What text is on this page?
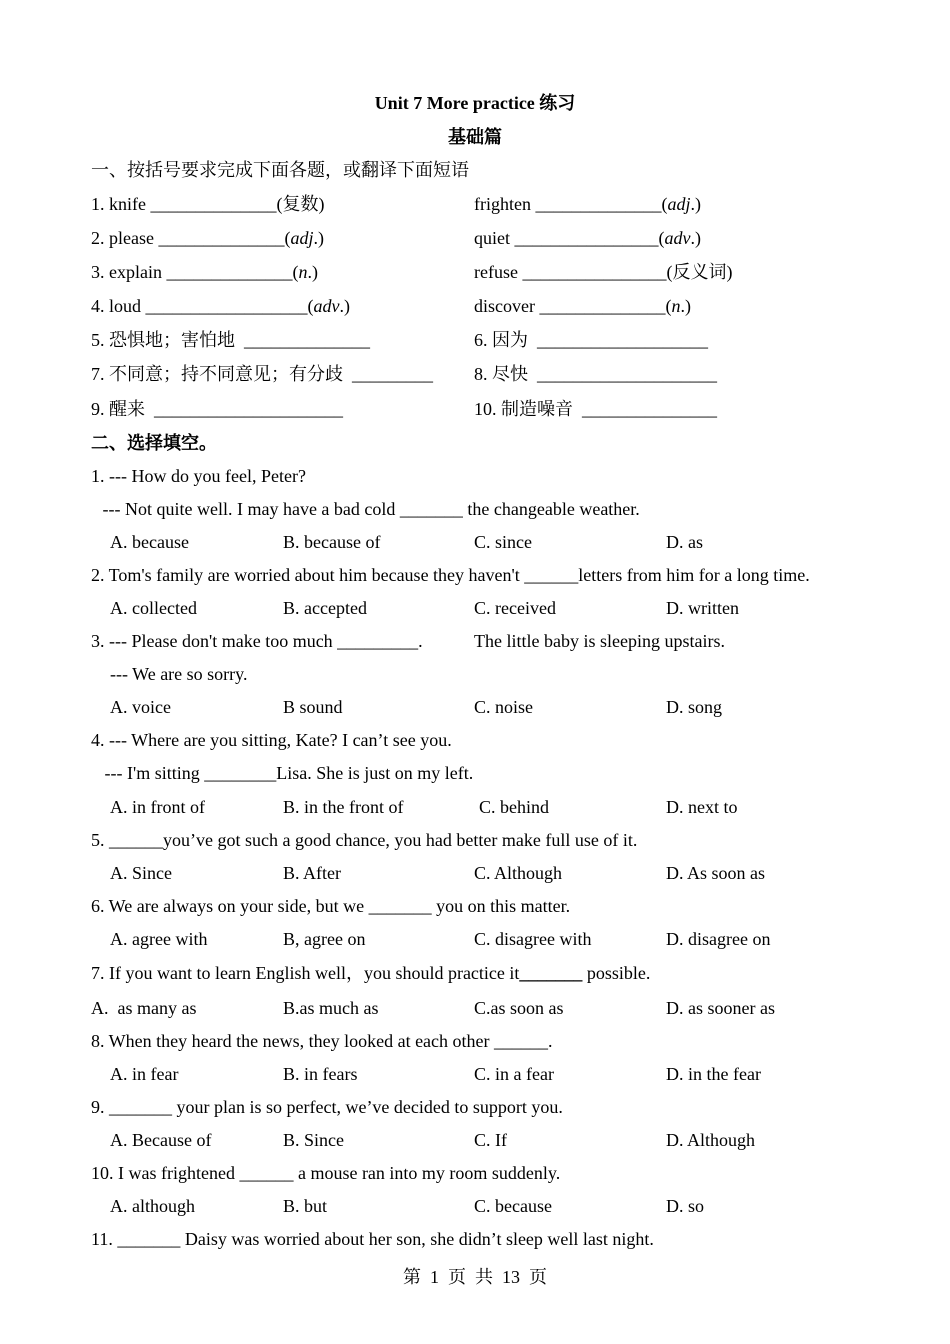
Unit 7 More practice 练习
基础篇
一、按括号要求完成下面各题，或翻译下面短语
1. knife ______________(复数)	frighten ______________(adj.)
2. please ______________(adj.)	quiet ________________(adv.)
3. explain ______________(n.)	refuse ________________(反义词)
4. loud __________________(adv.)	discover ______________(n.)
5. 恐惧地；害怕地  ______________	6. 因为  ___________________
7. 不同意；持不同意见；有分歧  _________ 8. 尽快  ____________________
9. 醒来  _____________________	10. 制造噪音  _______________
二、选择填空。
1. --- How do you feel, Peter?
--- Not quite well. I may have a bad cold _______ the changeable weather.
A. because	B. because of	C. since	D. as
2. Tom's family are worried about him because they haven't ______letters from him for a long time.
A. collected	B. accepted	C. received	D. written
3. --- Please don't make too much _________.	The little baby is sleeping upstairs.
--- We are so sorry.
A. voice	B sound	C. noise	D. song
4. --- Where are you sitting, Kate? I can’t see you.
--- I'm sitting ________Lisa. She is just on my left.
A. in front of	B. in the front of	C. behind	D. next to
5. ______you’ve got such a good chance, you had better make full use of it.
A. Since	B. After	C. Although	D. As soon as
6. We are always on your side, but we _______ you on this matter.
A. agree with	B, agree on	C. disagree with	D. disagree on
7. If you want to learn English well，you should practice it_______ possible.
A.  as many as	B.as much as	C.as soon as	D. as sooner as
8. When they heard the news, they looked at each other ______.
A. in fear	B. in fears	C. in a fear	D. in the fear
9. _______ your plan is so perfect, we’ve decided to support you.
A. Because of	B. Since	C. If	D. Although
10. I was frightened ______ a mouse ran into my room suddenly.
A. although	B. but	C. because	D. so
11. _______ Daisy was worried about her son, she didn’t sleep well last night.
第  1  页  共  13  页
